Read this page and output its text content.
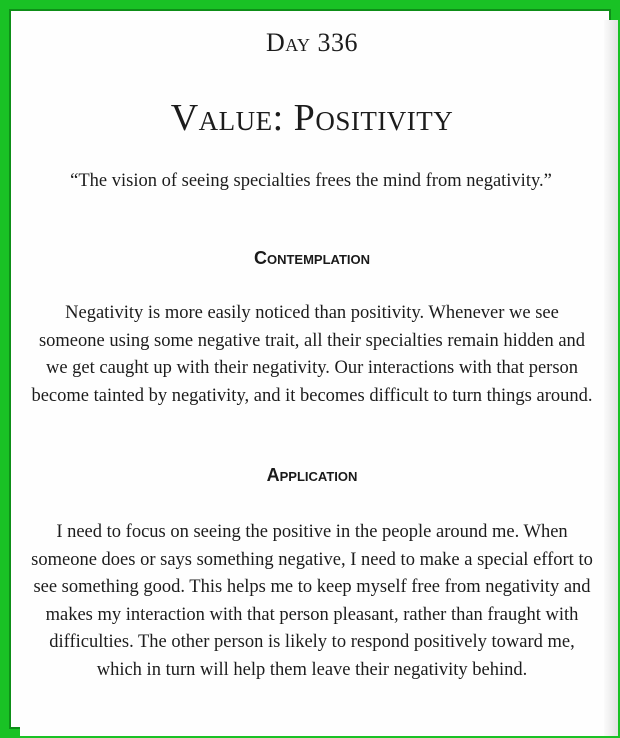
Day 336
Value: Positivity
“The vision of seeing specialties frees the mind from negativity.”
Contemplation
Negativity is more easily noticed than positivity. Whenever we see someone using some negative trait, all their specialties remain hidden and we get caught up with their negativity. Our interactions with that person become tainted by negativity, and it becomes difficult to turn things around.
Application
I need to focus on seeing the positive in the people around me. When someone does or says something negative, I need to make a special effort to see something good. This helps me to keep myself free from negativity and makes my interaction with that person pleasant, rather than fraught with difficulties. The other person is likely to respond positively toward me, which in turn will help them leave their negativity behind.
